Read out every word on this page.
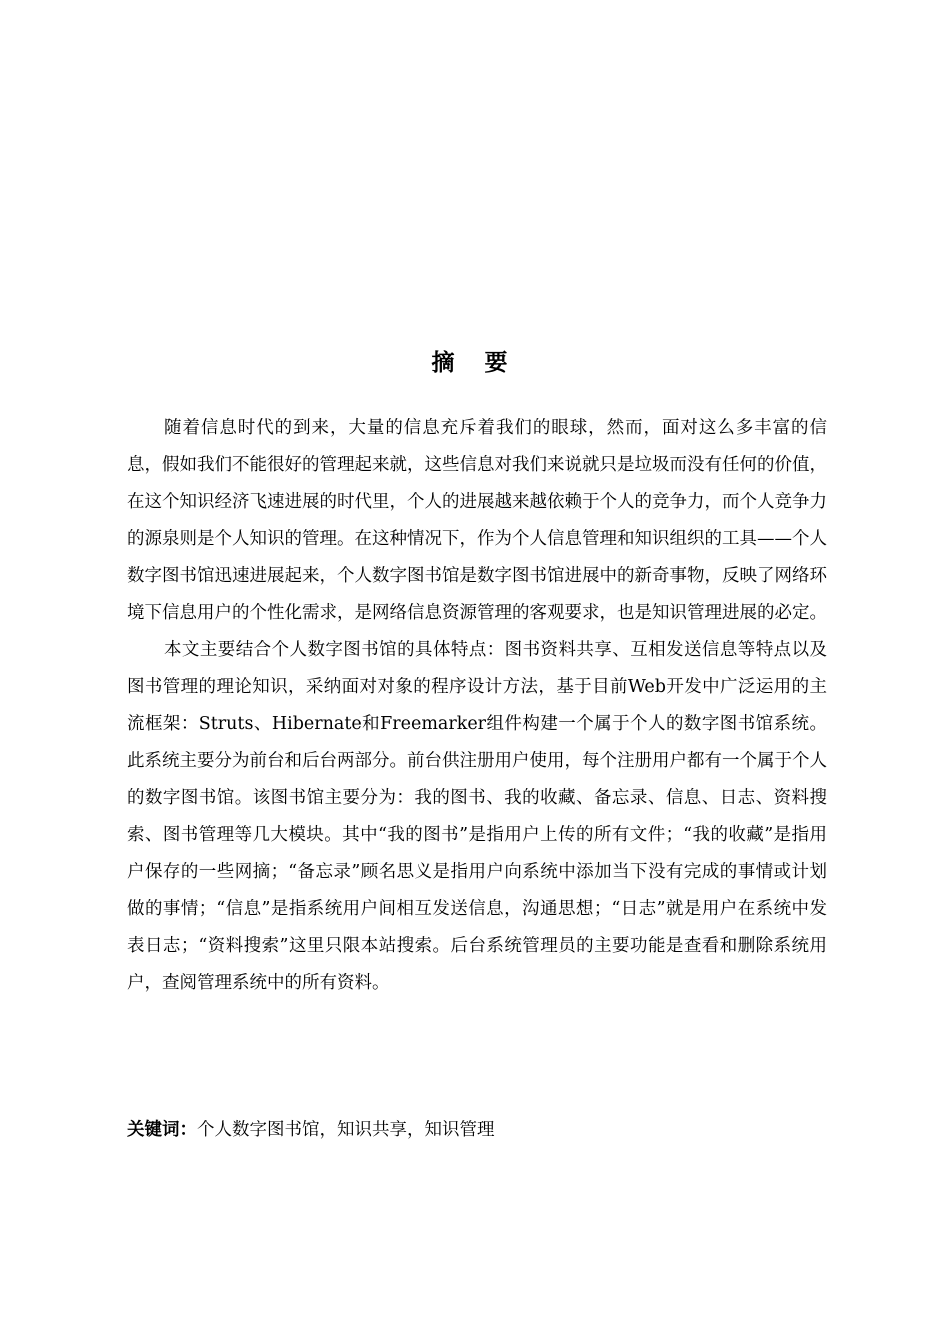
摘 要

随着信息时代的到来，大量的信息充斥着我们的眼球，然而，面对这么多丰富的信息，假如我们不能很好的管理起来就，这些信息对我们来说就只是垃圾而没有任何的价值，在这个知识经济飞速进展的时代里，个人的进展越来越依赖于个人的竞争力，而个人竞争力的源泉则是个人知识的管理。在这种情况下，作为个人信息管理和知识组织的工具——个人数字图书馆迅速进展起来，个人数字图书馆是数字图书馆进展中的新奇事物，反映了网络环境下信息用户的个性化需求，是网络信息资源管理的客观要求，也是知识管理进展的必定。

本文主要结合个人数字图书馆的具体特点：图书资料共享、互相发送信息等特点以及图书管理的理论知识，采纳面对对象的程序设计方法，基于目前Web开发中广泛运用的主流框架：Struts、Hibernate和Freemarker组件构建一个属于个人的数字图书馆系统。此系统主要分为前台和后台两部分。前台供注册用户使用，每个注册用户都有一个属于个人的数字图书馆。该图书馆主要分为：我的图书、我的收藏、备忘录、信息、日志、资料搜索、图书管理等几大模块。其中“我的图书”是指用户上传的所有文件；“我的收藏”是指用户保存的一些网摘；“备忘录”顾名思义是指用户向系统中添加当下没有完成的事情或计划做的事情；“信息”是指系统用户间相互发送信息，沟通思想；“日志”就是用户在系统中发表日志；“资料搜索”这里只限本站搜索。后台系统管理员的主要功能是查看和删除系统用户，查阅管理系统中的所有资料。

关键词：个人数字图书馆，知识共享，知识管理
